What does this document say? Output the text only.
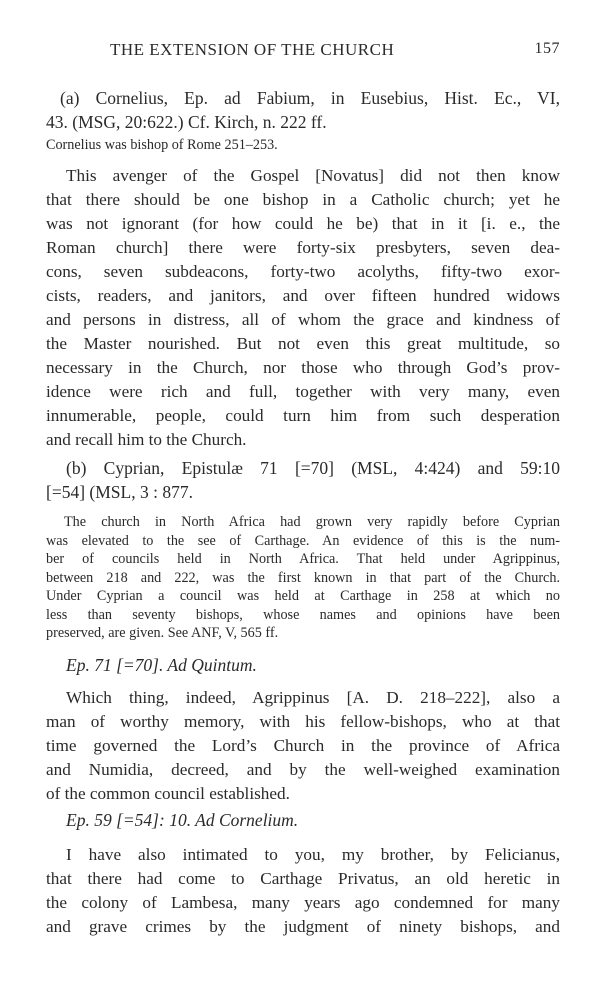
THE EXTENSION OF THE CHURCH	157
(a) Cornelius, Ep. ad Fabium, in Eusebius, Hist. Ec., VI,
43. (MSG, 20:622.) Cf. Kirch, n. 222 ff.
Cornelius was bishop of Rome 251–253.
This avenger of the Gospel [Novatus] did not then know
that there should be one bishop in a Catholic church; yet he
was not ignorant (for how could he be) that in it [i. e., the
Roman church] there were forty-six presbyters, seven dea-
cons, seven subdeacons, forty-two acolyths, fifty-two exor-
cists, readers, and janitors, and over fifteen hundred widows
and persons in distress, all of whom the grace and kindness of
the Master nourished. But not even this great multitude, so
necessary in the Church, nor those who through God’s prov-
idence were rich and full, together with very many, even
innumerable, people, could turn him from such desperation
and recall him to the Church.
(b) Cyprian, Epistulæ 71 [=70] (MSL, 4:424) and 59:10
[=54] (MSL, 3 : 877.
The church in North Africa had grown very rapidly before Cyprian
was elevated to the see of Carthage. An evidence of this is the num-
ber of councils held in North Africa. That held under Agrippinus,
between 218 and 222, was the first known in that part of the Church.
Under Cyprian a council was held at Carthage in 258 at which no
less than seventy bishops, whose names and opinions have been
preserved, are given. See ANF, V, 565 ff.
Ep. 71 [=70]. Ad Quintum.
Which thing, indeed, Agrippinus [A. D. 218–222], also a
man of worthy memory, with his fellow-bishops, who at that
time governed the Lord’s Church in the province of Africa
and Numidia, decreed, and by the well-weighed examination
of the common council established.
Ep. 59 [=54]: 10. Ad Cornelium.
I have also intimated to you, my brother, by Felicianus,
that there had come to Carthage Privatus, an old heretic in
the colony of Lambesa, many years ago condemned for many
and grave crimes by the judgment of ninety bishops, and
